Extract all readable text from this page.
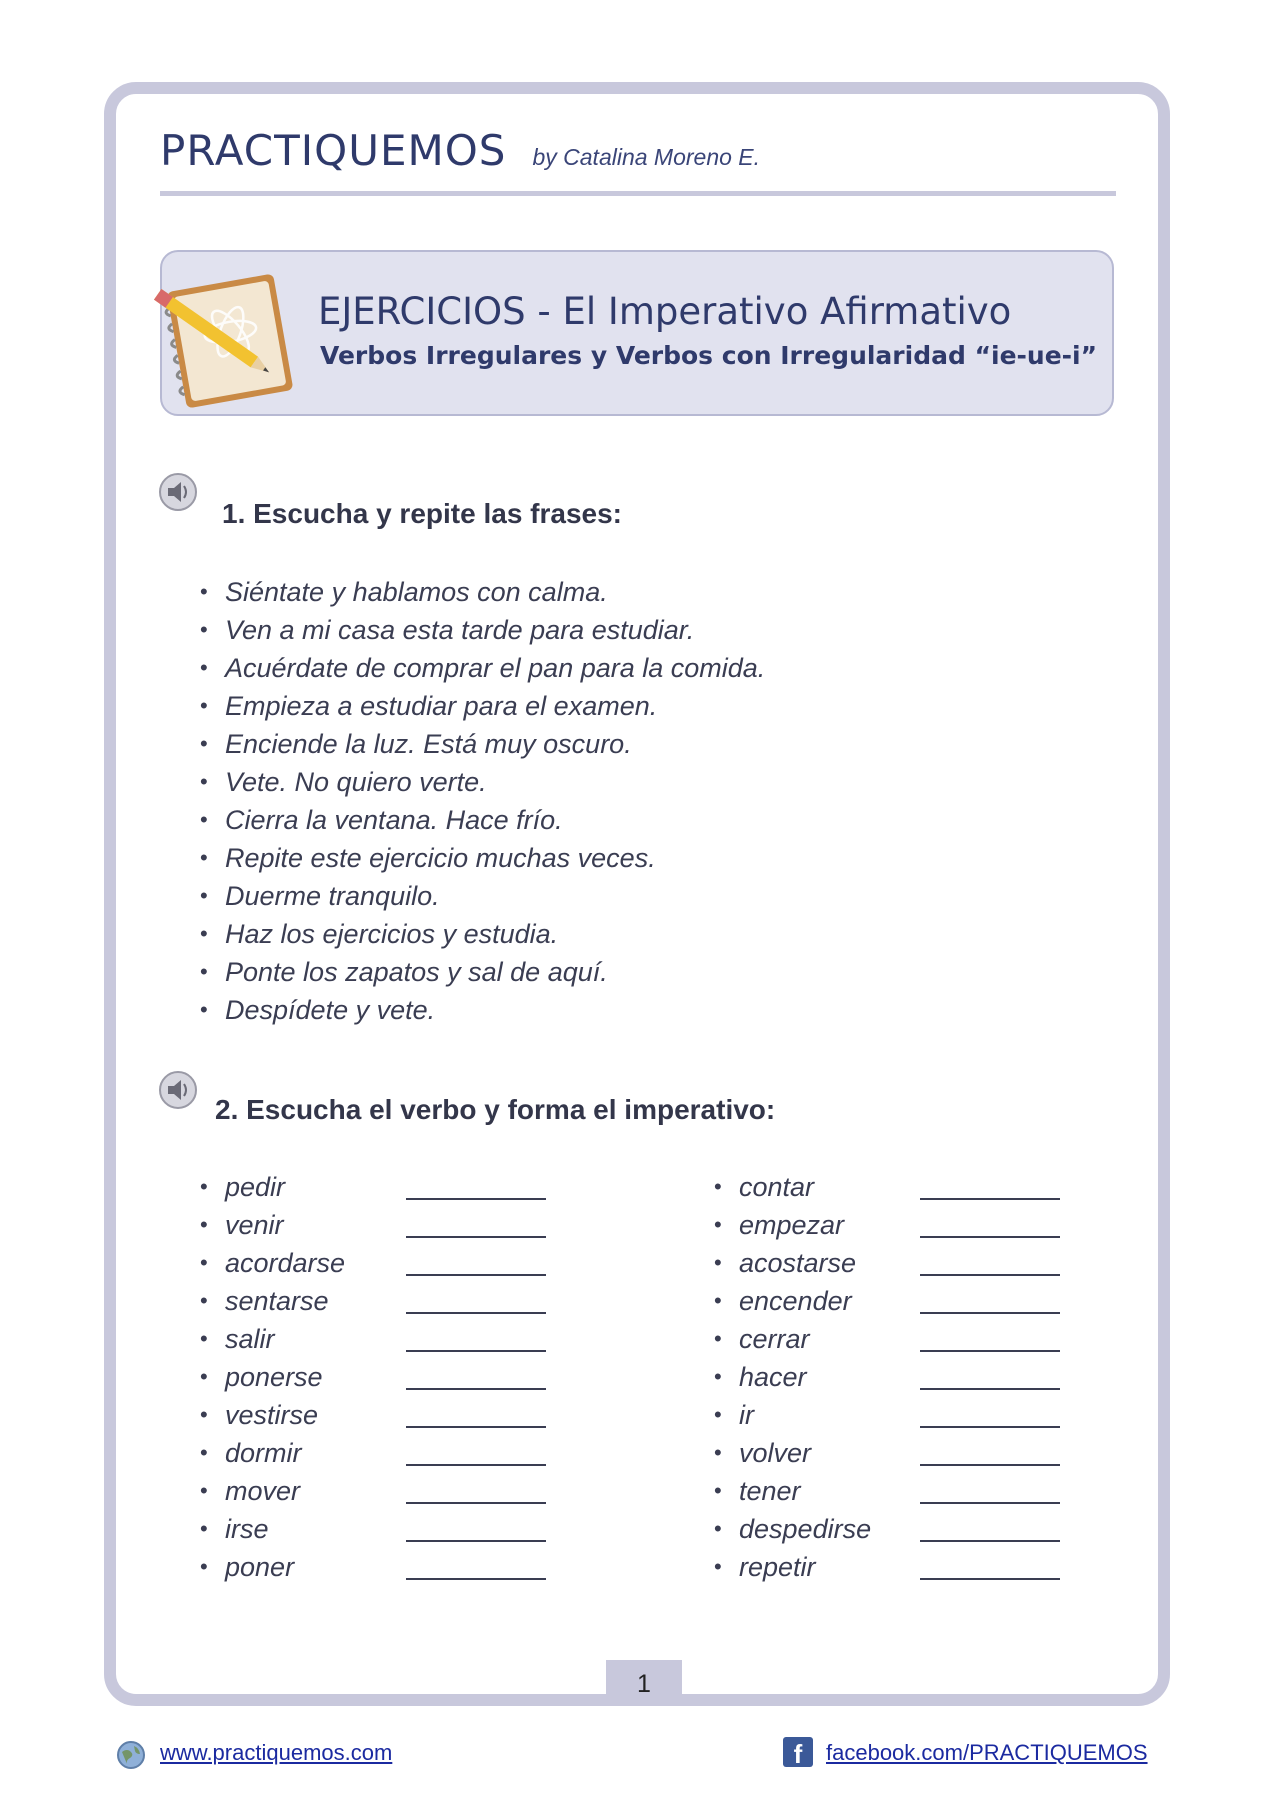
PRACTIQUEMOS by Catalina Moreno E.
EJERCICIOS - El Imperativo Afirmativo
Verbos Irregulares y Verbos con Irregularidad “ie-ue-i”
1. Escucha y repite las frases:
• Siéntate y hablamos con calma.
• Ven a mi casa esta tarde para estudiar.
• Acuérdate de comprar el pan para la comida.
• Empieza a estudiar para el examen.
• Enciende la luz. Está muy oscuro.
• Vete. No quiero verte.
• Cierra la ventana. Hace frío.
• Repite este ejercicio muchas veces.
• Duerme tranquilo.
• Haz los ejercicios y estudia.
• Ponte los zapatos y sal de aquí.
• Despídete y vete.
2. Escucha el verbo y forma el imperativo:
• pedir
• venir
• acordarse
• sentarse
• salir
• ponerse
• vestirse
• dormir
• mover
• irse
• poner
• contar
• empezar
• acostarse
• encender
• cerrar
• hacer
• ir
• volver
• tener
• despedirse
• repetir
1
www.practiquemos.com	f	facebook.com/PRACTIQUEMOS
